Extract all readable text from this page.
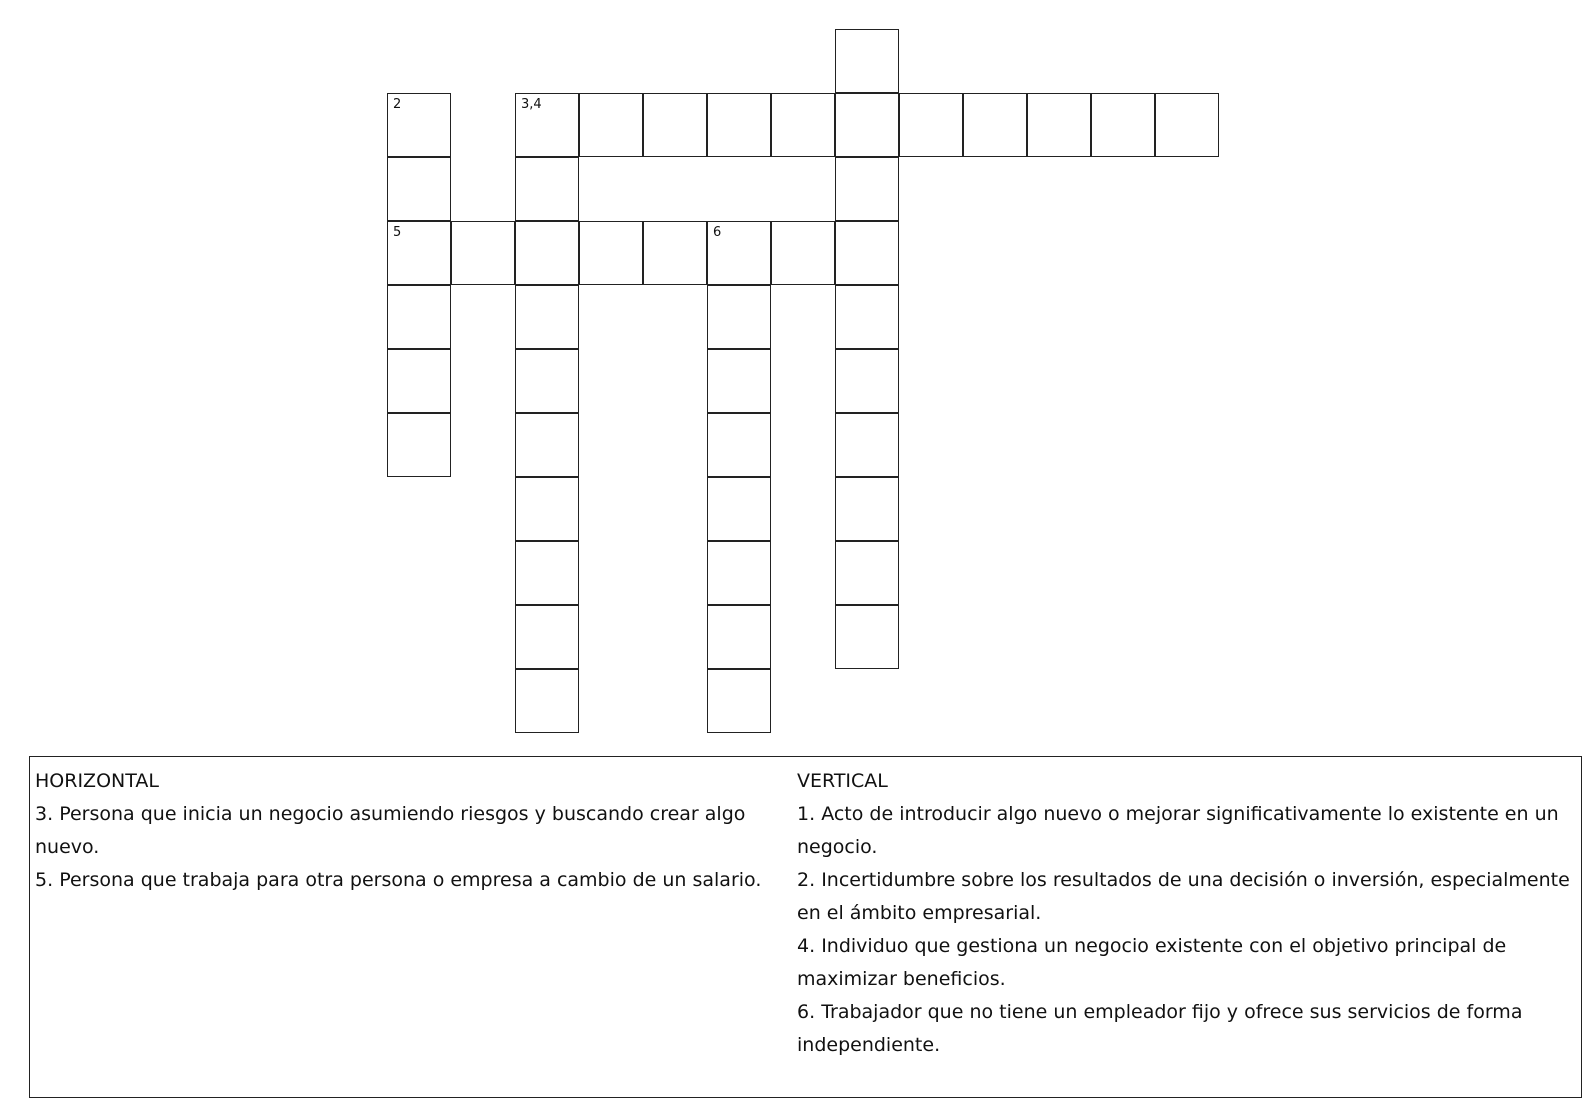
2	3,4
5	6
HORIZONTAL
3 . Persona que inicia un negocio asumiendo riesgos y buscando crear algo nuevo.
5 . Persona que trabaja para otra persona o empresa a cambio de un salario.
VERTICAL
1 . Acto de introducir algo nuevo o mejorar significativamente lo existente en un negocio.
2 . Incertidumbre sobre los resultados de una decisión o inversión, especialmente en el ámbito empresarial.
4 . Individuo que gestiona un negocio existente con el objetivo principal de maximizar beneficios.
6 . Trabajador que no tiene un empleador fijo y ofrece sus servicios de forma independiente.
